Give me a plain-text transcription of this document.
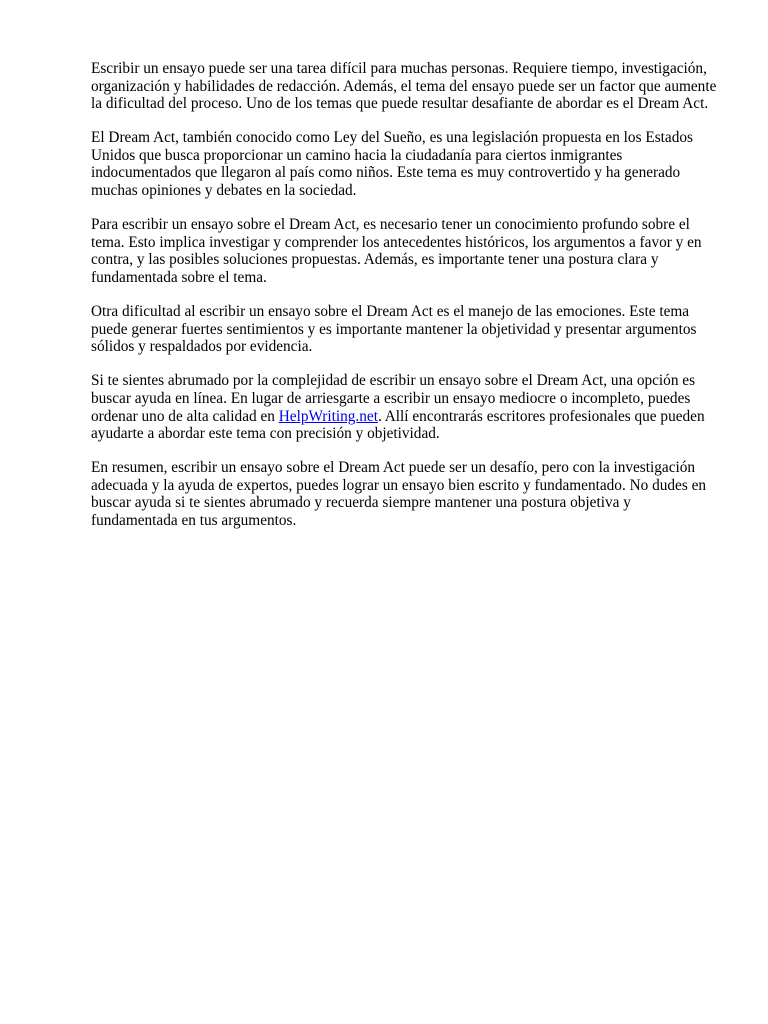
Escribir un ensayo puede ser una tarea difícil para muchas personas. Requiere tiempo, investigación, organización y habilidades de redacción. Además, el tema del ensayo puede ser un factor que aumente la dificultad del proceso. Uno de los temas que puede resultar desafiante de abordar es el Dream Act.

El Dream Act, también conocido como Ley del Sueño, es una legislación propuesta en los Estados Unidos que busca proporcionar un camino hacia la ciudadanía para ciertos inmigrantes indocumentados que llegaron al país como niños. Este tema es muy controvertido y ha generado muchas opiniones y debates en la sociedad.

Para escribir un ensayo sobre el Dream Act, es necesario tener un conocimiento profundo sobre el tema. Esto implica investigar y comprender los antecedentes históricos, los argumentos a favor y en contra, y las posibles soluciones propuestas. Además, es importante tener una postura clara y fundamentada sobre el tema.

Otra dificultad al escribir un ensayo sobre el Dream Act es el manejo de las emociones. Este tema puede generar fuertes sentimientos y es importante mantener la objetividad y presentar argumentos sólidos y respaldados por evidencia.

Si te sientes abrumado por la complejidad de escribir un ensayo sobre el Dream Act, una opción es buscar ayuda en línea. En lugar de arriesgarte a escribir un ensayo mediocre o incompleto, puedes ordenar uno de alta calidad en HelpWriting.net. Allí encontrarás escritores profesionales que pueden ayudarte a abordar este tema con precisión y objetividad.

En resumen, escribir un ensayo sobre el Dream Act puede ser un desafío, pero con la investigación adecuada y la ayuda de expertos, puedes lograr un ensayo bien escrito y fundamentado. No dudes en buscar ayuda si te sientes abrumado y recuerda siempre mantener una postura objetiva y fundamentada en tus argumentos.
